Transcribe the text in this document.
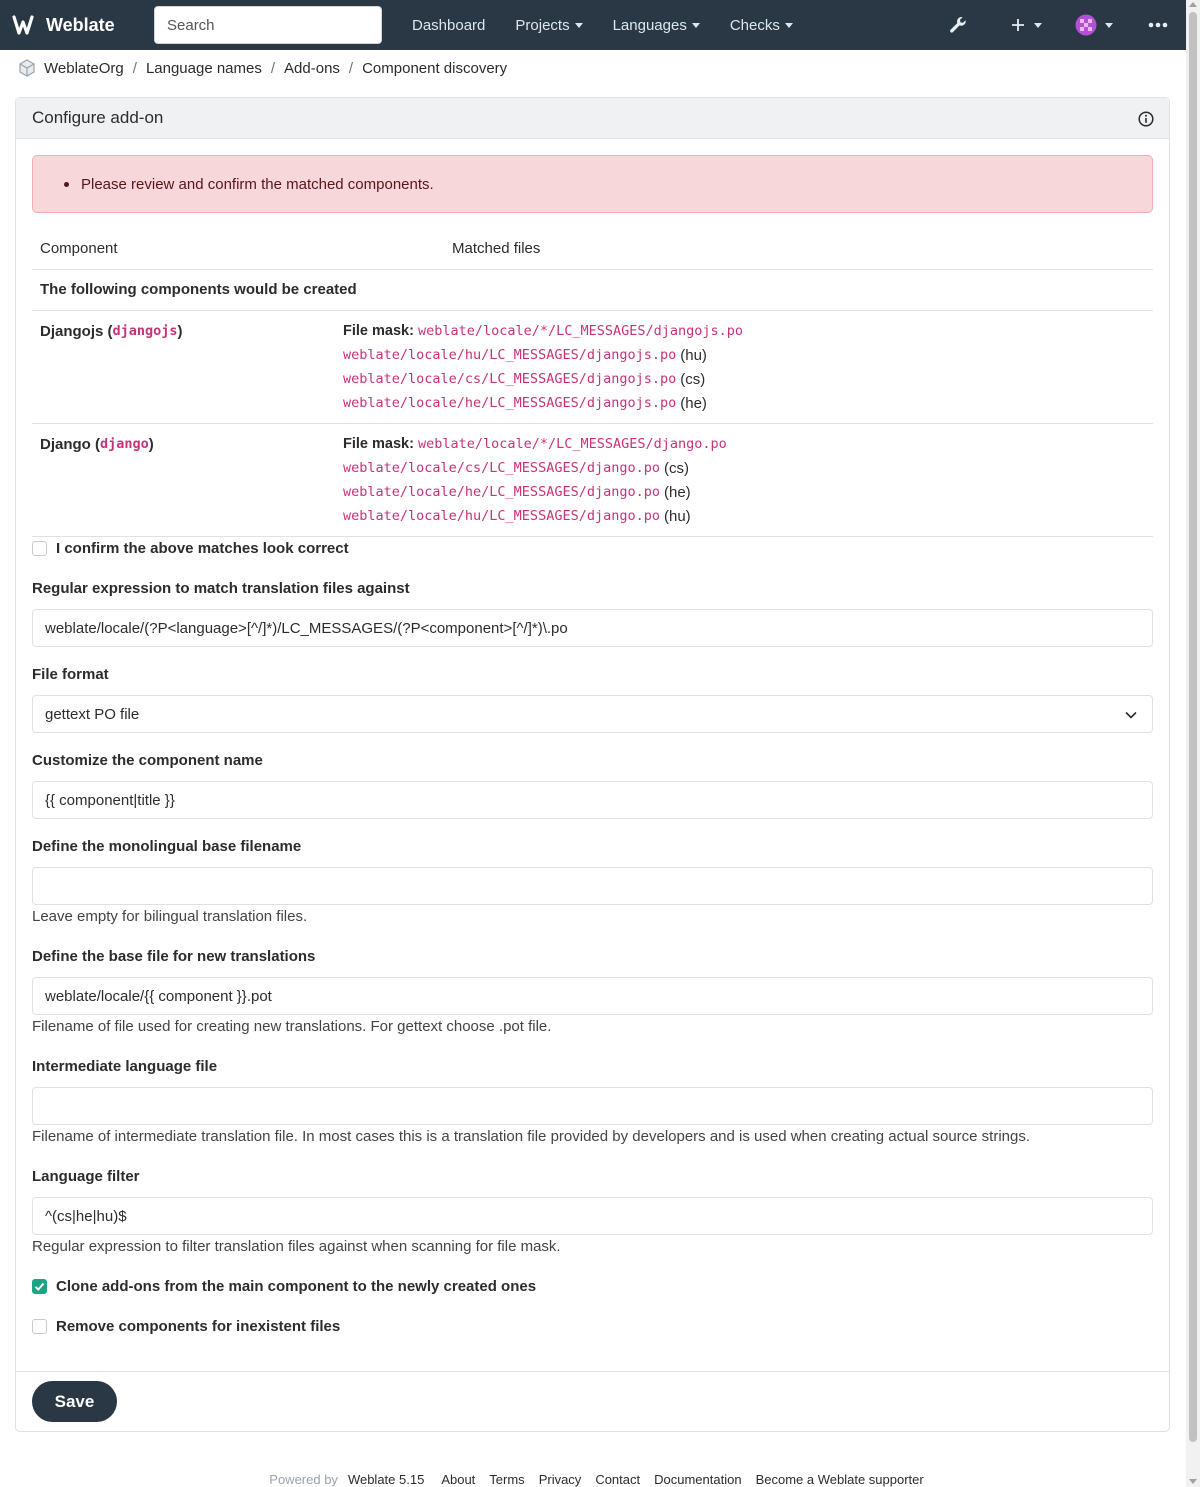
Weblate	Search	Dashboard Projects	Languages	Checks
WeblateOrg / Language names / Add-ons / Component discovery
Configure add-on
Please review and confirm the matched components.
Component	Matched files
The following components would be created
Djangojs ( djangojs )	File mask:
weblate/locale/*/LC_MESSAGES/djangojs.po
weblate/locale/hu/LC_MESSAGES/djangojs.po (hu)
weblate/locale/cs/LC_MESSAGES/djangojs.po (cs)
weblate/locale/he/LC_MESSAGES/djangojs.po (he)
Django ( django )	File mask:
weblate/locale/*/LC_MESSAGES/django.po
weblate/locale/cs/LC_MESSAGES/django.po (cs)
weblate/locale/he/LC_MESSAGES/django.po (he)
weblate/locale/hu/LC_MESSAGES/django.po (hu)
I confirm the above matches look correct
Regular expression to match translation files against
weblate/locale/(?P<language>[^/]*)/LC_MESSAGES/(?P<component>[^/]*)\.po
File format
gettext PO file
Customize the component name
{{ component|title }}
Define the monolingual base filename
Leave empty for bilingual translation files.
Define the base file for new translations
weblate/locale/{{ component }}.pot
Filename of file used for creating new translations. For gettext choose .pot file.
Intermediate language file
Filename of intermediate translation file. In most cases this is a translation file provided by developers and is used when creating actual source strings.
Language filter
^(cs|he|hu)$
Regular expression to filter translation files against when scanning for file mask.
Clone add-ons from the main component to the newly created ones
Remove components for inexistent files
Save
Powered by Weblate 5.15	About Terms Privacy Contact Documentation Become a Weblate supporter
